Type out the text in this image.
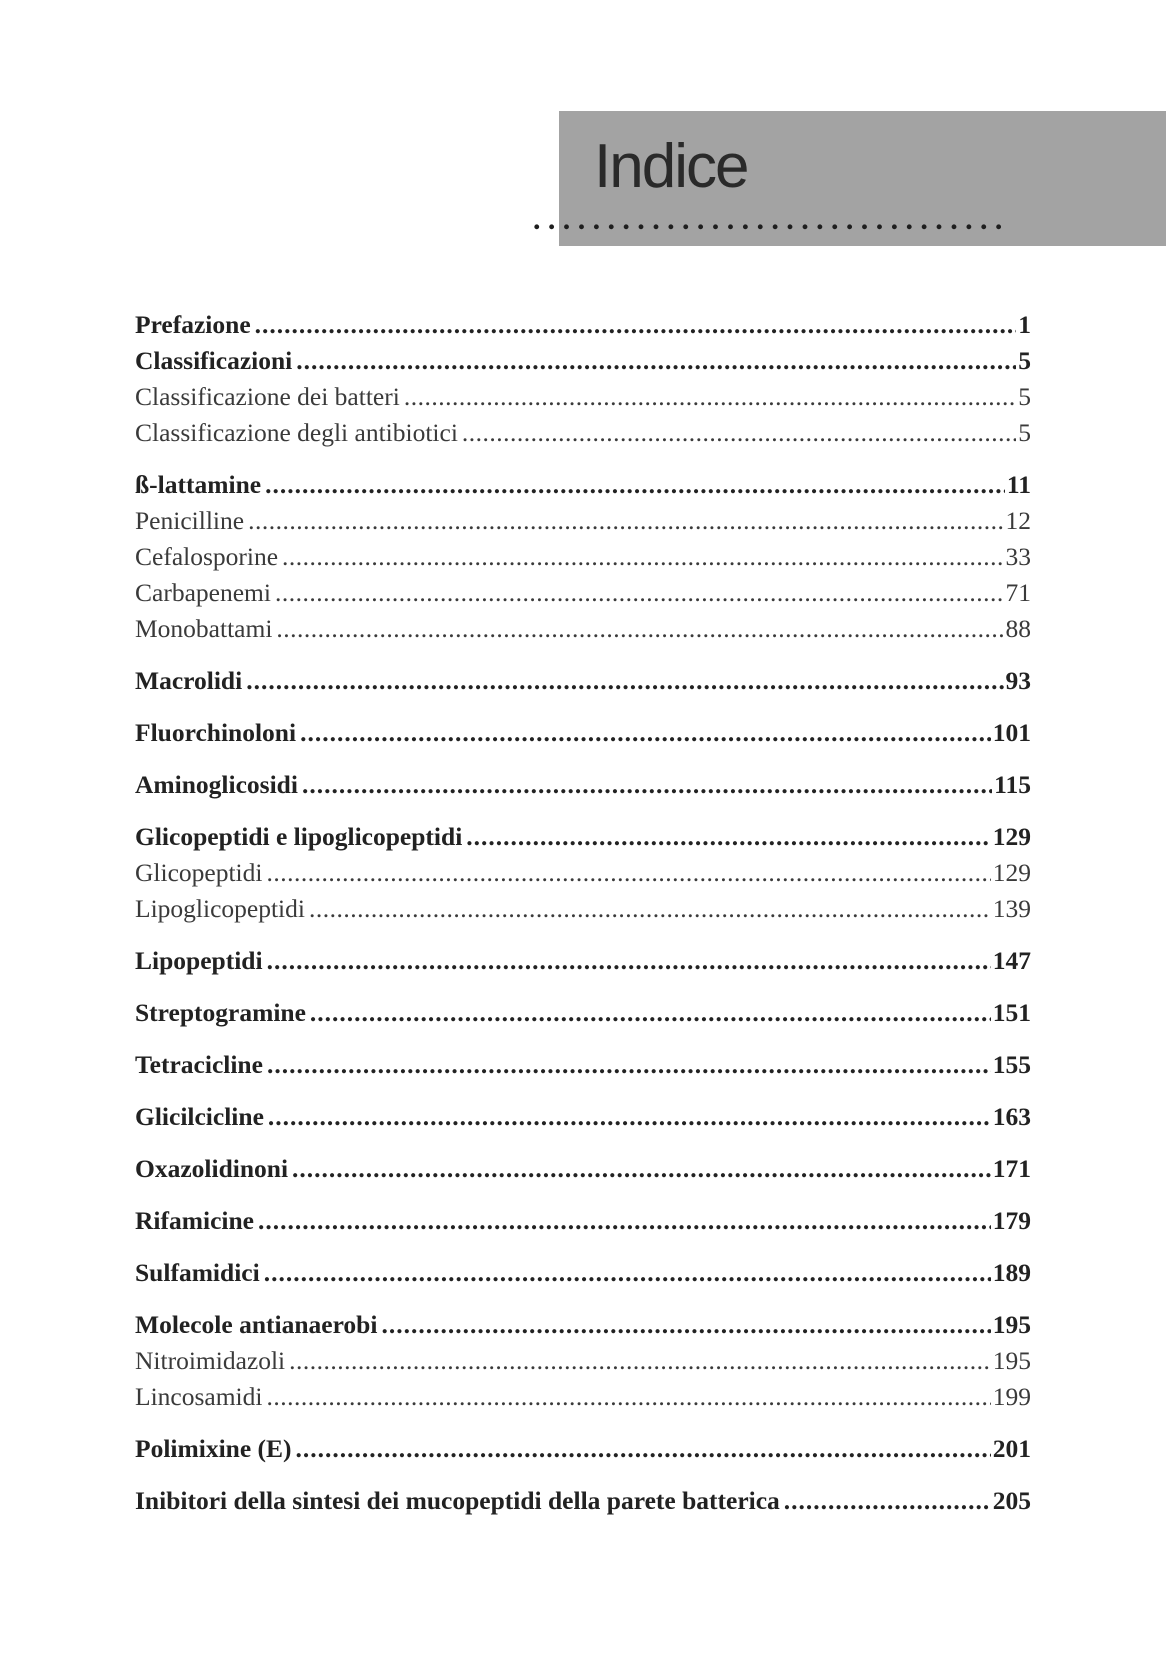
Indice
................................
Prefazione .....	1
Classificazioni .....	5
Classificazione dei batteri .....	5
Classificazione degli antibiotici .....	5
ß-lattamine .....	11
Penicilline .....	12
Cefalosporine .....	33
Carbapenemi .....	71
Monobattami .....	88
Macrolidi .....	93
Fluorchinoloni .....	101
Aminoglicosidi .....	115
Glicopeptidi e lipoglicopeptidi .....	129
Glicopeptidi .....	129
Lipoglicopeptidi .....	139
Lipopeptidi .....	147
Streptogramine .....	151
Tetracicline .....	155
Glicilcicline .....	163
Oxazolidinoni .....	171
Rifamicine .....	179
Sulfamidici .....	189
Molecole antianaerobi .....	195
Nitroimidazoli .....	195
Lincosamidi .....	199
Polimixine (E) .....	201
Inibitori della sintesi dei mucopeptidi della parete batterica .....	205
